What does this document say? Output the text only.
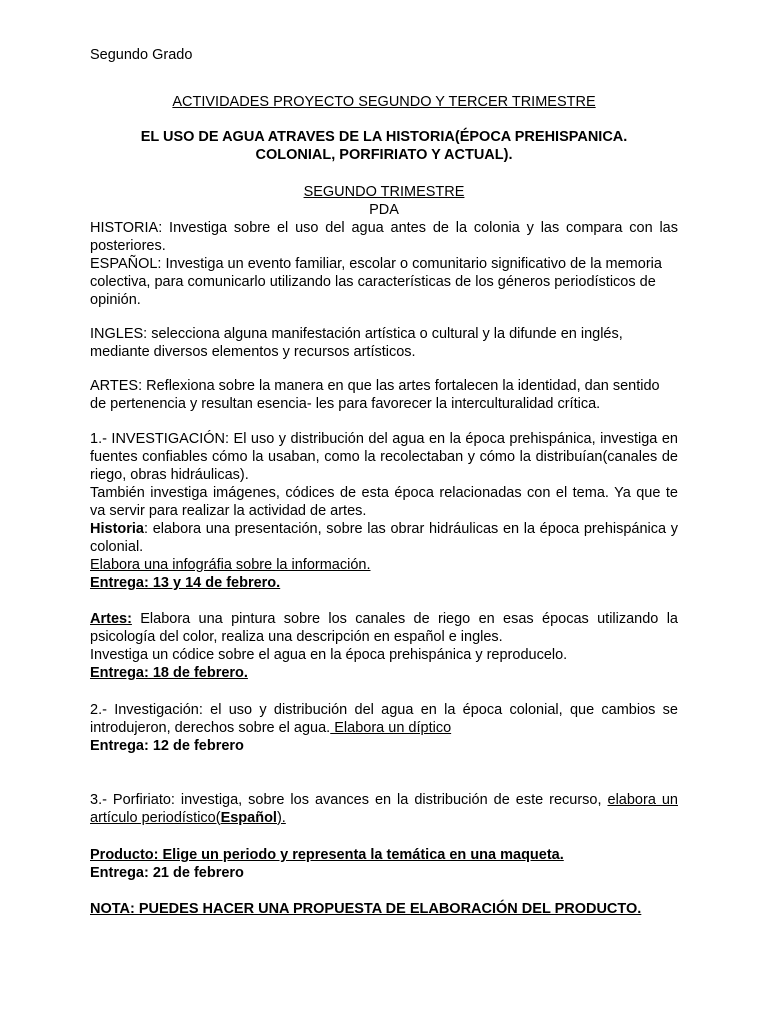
Segundo Grado

ACTIVIDADES PROYECTO SEGUNDO Y TERCER TRIMESTRE

EL USO DE AGUA ATRAVES DE LA HISTORIA(ÉPOCA PREHISPANICA.

COLONIAL, PORFIRIATO Y ACTUAL).

SEGUNDO TRIMESTRE

PDA

HISTORIA: Investiga sobre el uso del agua antes de la colonia y las compara con las posteriores.

ESPAÑOL: Investiga un evento familiar, escolar o comunitario significativo de la memoria colectiva, para comunicarlo utilizando las características de los géneros periodísticos de opinión.

INGLES: selecciona alguna manifestación artística o cultural y la difunde en inglés, mediante diversos elementos y recursos artísticos.

ARTES: Reflexiona sobre la manera en que las artes fortalecen la identidad, dan sentido de pertenencia y resultan esencia- les para favorecer la interculturalidad crítica.

1.- INVESTIGACIÓN: El uso y distribución del agua en la época prehispánica, investiga en fuentes confiables cómo la usaban, como la recolectaban y cómo la distribuían(canales de riego, obras hidráulicas).

También investiga imágenes, códices de esta época relacionadas con el tema. Ya que te va servir para realizar la actividad de artes.

Historia: elabora una presentación, sobre las obrar hidráulicas en la época prehispánica y colonial.

Elabora una infográfia sobre la información.

Entrega: 13 y 14 de febrero.

Artes: Elabora una pintura sobre los canales de riego en esas épocas utilizando la psicología del color, realiza una descripción en español e ingles.

Investiga un códice sobre el agua en la época prehispánica y reproducelo.

Entrega: 18 de febrero.

2.- Investigación: el uso y distribución del agua en la época colonial, que cambios se introdujeron, derechos sobre el agua. Elabora un díptico

Entrega: 12 de febrero

3.- Porfiriato: investiga, sobre los avances en la distribución de este recurso, elabora un artículo periodístico(Español).

Producto: Elige un periodo y representa la temática en una maqueta.

Entrega: 21 de febrero

NOTA: PUEDES HACER UNA PROPUESTA DE ELABORACIÓN DEL PRODUCTO.
